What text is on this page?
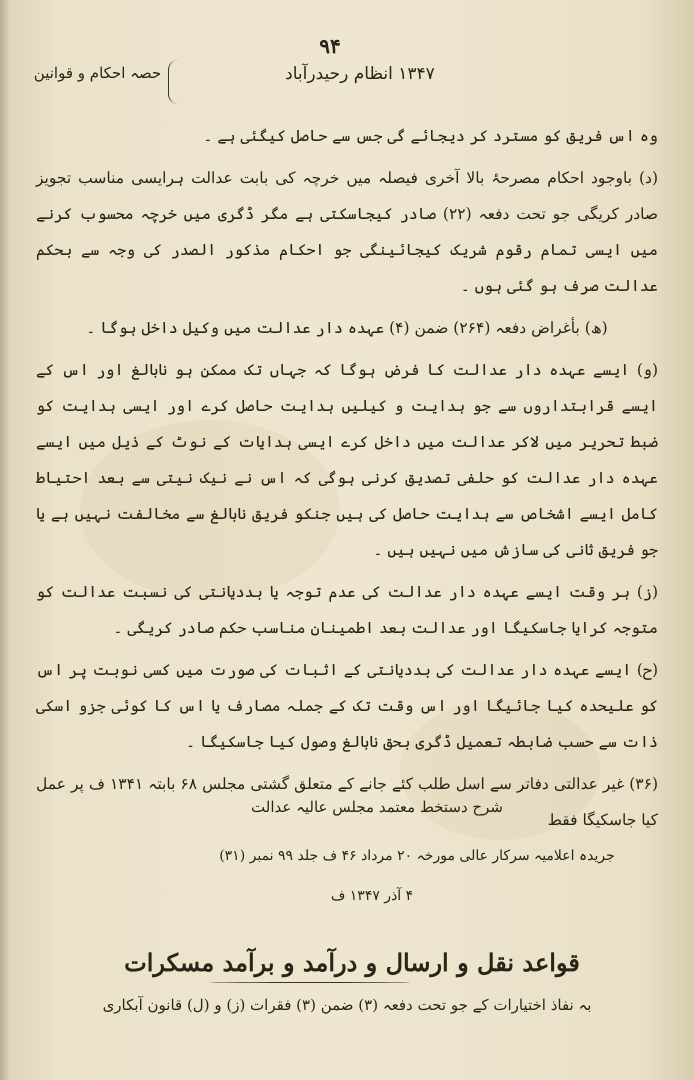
۹۴
۱۳۴۷ انظام رحیدرآباد
حصہ احکام و قوانین

وہ اس فریق کو مسترد کر دیجائے گی جس سے حاصل کیگئی ہے ۔

(د) باوجود احکام مصرحۂ بالا آخری فیصلہ میں خرچہ کی بابت عدالت ہرایسی مناسب تجویز صادر کریگی جو تحت دفعہ (۲۲) صادر کیجاسکتی ہے مگر ڈگری میں خرچہ محسوب کرنے میں ایسی تمام رقوم شریک کیجائینگی جو احکام مذکور الصدر کی وجہ سے بحکم عدالت صرف ہو گئی ہوں ۔

(ھ) بأغراض دفعہ (۲۶۴) ضمن (۴) عہدہ دار عدالت میں وکیل داخل ہوگا ۔

(و) ایسے عہدہ دار عدالت کا فرض ہوگا کہ جہاں تک ممکن ہو نابالغ اور اس کے ایسے قرابتداروں سے جو ہدایت و کیلیں ہدایت حاصل کرے اور ایسی ہدایت کو ضبط تحریر میں لاکر عدالت میں داخل کرے ایسی ہدایات کے نوٹ کے ذیل میں ایسے عہدہ دار عدالت کو حلفی تصدیق کرنی ہوگی کہ اس نے نیک نیتی سے بعد احتیاط کامل ایسے اشخاص سے ہدایت حاصل کی ہیں جنکو فریق نابالغ سے مخالفت نہیں ہے یا جو فریق ثانی کی سازش میں نہیں ہیں ۔

(ز) ہر وقت ایسے عہدہ دار عدالت کی عدم توجہ یا بددیانتی کی نسبت عدالت کو متوجہ کرایا جاسکیگا اور عدالت بعد اطمینان مناسب حکم صادر کریگی ۔

(ح) ایسے عہدہ دار عدالت کی بددیانتی کے اثبات کی صورت میں کسی نوبت پر اس کو علیحدہ کیا جائیگا اور اس وقت تک کے جملہ مصارف یا اس کا کوئی جزو اسکی ذات سے حسب ضابطہ تعمیل ڈگری بحق نابالغ وصول کیا جاسکیگا ۔

(۳۶) غیر عدالتی دفاتر سے اسل طلب کئے جانے کے متعلق گشتی مجلس ۶۸ بابتہ ۱۳۴۱ ف پر عمل کیا جاسکیگا فقط

شرح دستخط معتمد مجلس عالیہ عدالت
جریدہ اعلامیہ سرکار عالی مورخہ ۲۰ مرداد ۴۶ ف جلد ۹۹ نمبر (۳۱)
۴ آذر ۱۳۴۷ ف
قواعد نقل و ارسال و درآمد و برآمد مسکرات
بہ نفاذ اختیارات کے جو تحت دفعہ (۳) ضمن (۳) فقرات (ز) و (ل) قانون آبکاری
